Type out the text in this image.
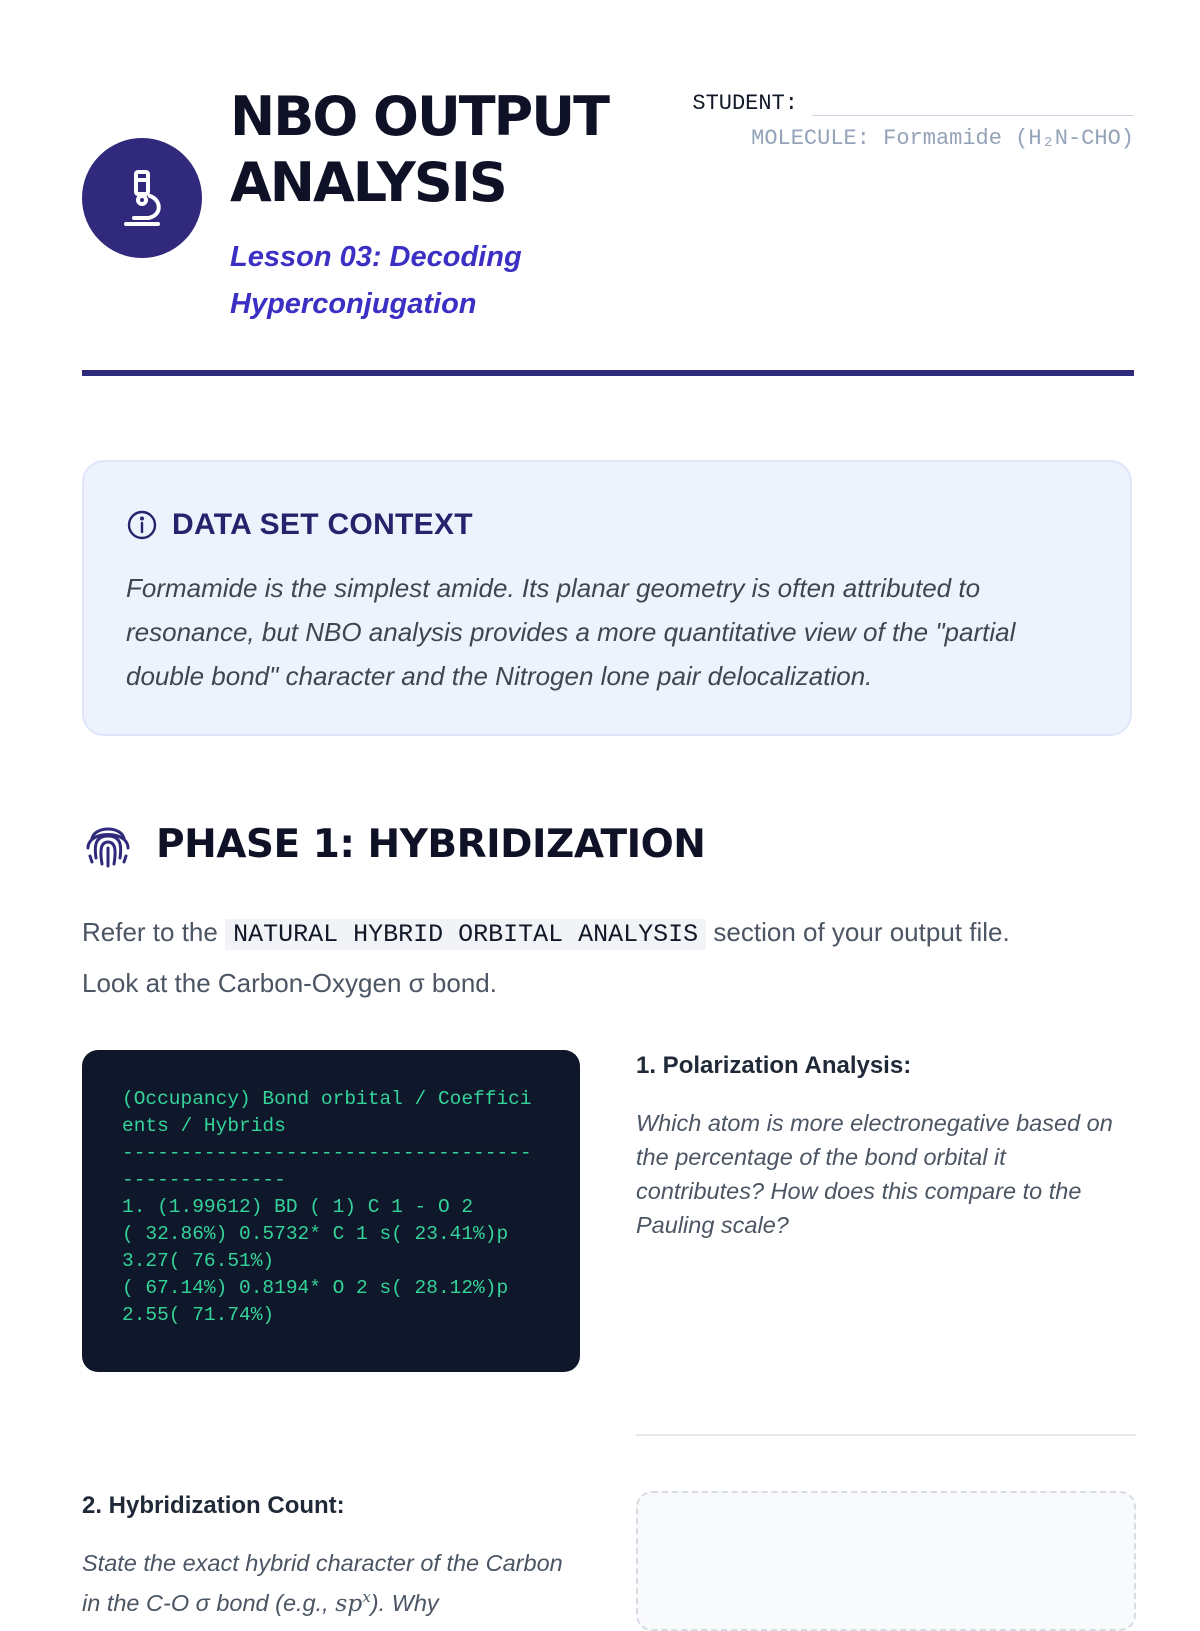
NBO OUTPUT
ANALYSIS

Lesson 03: Decoding
Hyperconjugation

STUDENT:
MOLECULE: Formamide (H₂N-CHO)
DATA SET CONTEXT

Formamide is the simplest amide. Its planar geometry is often attributed to resonance, but NBO analysis provides a more quantitative view of the "partial double bond" character and the Nitrogen lone pair delocalization.

PHASE 1: HYBRIDIZATION
Refer to the NATURAL HYBRID ORBITAL ANALYSIS section of your output file.
Look at the Carbon-Oxygen σ bond.
(Occupancy) Bond orbital / Coefficients / Hybrids
-------------------------------------------------
1. (1.99612) BD ( 1) C 1 - O 2
( 32.86%) 0.5732* C 1 s( 23.41%)p 3.27( 76.51%)
( 67.14%) 0.8194* O 2 s( 28.12%)p 2.55( 71.74%)

1. Polarization Analysis:

Which atom is more electronegative based on the percentage of the bond orbital it contributes? How does this compare to the Pauling scale?

2. Hybridization Count:

State the exact hybrid character of the Carbon in the C-O σ bond (e.g., $sp^x$). Why
